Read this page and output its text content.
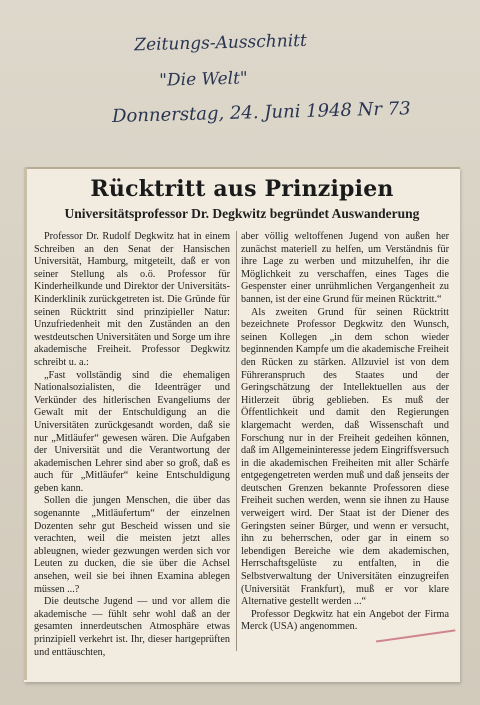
Zeitungs-Ausschnitt
"Die Welt"
Donnerstag, 24. Juni 1948 Nr 73
Rücktritt aus Prinzipien
Universitätsprofessor Dr. Degkwitz begründet Auswanderung

Professor Dr. Rudolf Degkwitz hat in einem Schreiben an den Senat der Hansischen Universität, Hamburg, mitgeteilt, daß er von seiner Stellung als o.ö. Professor für Kinderheilkunde und Direktor der Universitäts-Kinderklinik zurückgetreten ist. Die Gründe für seinen Rücktritt sind prinzipieller Natur: Unzufriedenheit mit den Zuständen an den westdeutschen Universitäten und Sorge um ihre akademische Freiheit. Professor Degkwitz schreibt u. a.:

„Fast vollständig sind die ehemaligen Nationalsozialisten, die Ideenträger und Verkünder des hitlerischen Evangeliums der Gewalt mit der Entschuldigung an die Universitäten zurückgesandt worden, daß sie nur „Mitläufer“ gewesen wären. Die Aufgaben der Universität und die Verantwortung der akademischen Lehrer sind aber so groß, daß es auch für „Mitläufer“ keine Entschuldigung geben kann.

Sollen die jungen Menschen, die über das sogenannte „Mitläufertum“ der einzelnen Dozenten sehr gut Bescheid wissen und sie verachten, weil die meisten jetzt alles ableugnen, wieder gezwungen werden sich vor Leuten zu ducken, die sie über die Achsel ansehen, weil sie bei ihnen Examina ablegen müssen ...?

Die deutsche Jugend — und vor allem die akademische — fühlt sehr wohl daß an der gesamten innerdeutschen Atmosphäre etwas prinzipiell verkehrt ist. Ihr, dieser hartgeprüften und enttäuschten,

aber völlig weltoffenen Jugend von außen her zunächst materiell zu helfen, um Verständnis für ihre Lage zu werben und mitzuhelfen, ihr die Möglichkeit zu verschaffen, eines Tages die Gespenster einer unrühmlichen Vergangenheit zu bannen, ist der eine Grund für meinen Rücktritt.“

Als zweiten Grund für seinen Rücktritt bezeichnete Professor Degkwitz den Wunsch, seinen Kollegen „in dem schon wieder beginnenden Kampfe um die akademische Freiheit den Rücken zu stärken. Allzuviel ist von dem Führeranspruch des Staates und der Geringschätzung der Intellektuellen aus der Hitlerzeit übrig geblieben. Es muß der Öffentlichkeit und damit den Regierungen klargemacht werden, daß Wissenschaft und Forschung nur in der Freiheit gedeihen können, daß im Allgemeininteresse jedem Eingriffsversuch in die akademischen Freiheiten mit aller Schärfe entgegengetreten werden muß und daß jenseits der deutschen Grenzen bekannte Professoren diese Freiheit suchen werden, wenn sie ihnen zu Hause verweigert wird. Der Staat ist der Diener des Geringsten seiner Bürger, und wenn er versucht, ihn zu beherrschen, oder gar in einem so lebendigen Bereiche wie dem akademischen, Herrschaftsgelüste zu entfalten, in die Selbstverwaltung der Universitäten einzugreifen (Universität Frankfurt), muß er vor klare Alternative gestellt werden ...“

Professor Degkwitz hat ein Angebot der Firma Merck (USA) angenommen.
